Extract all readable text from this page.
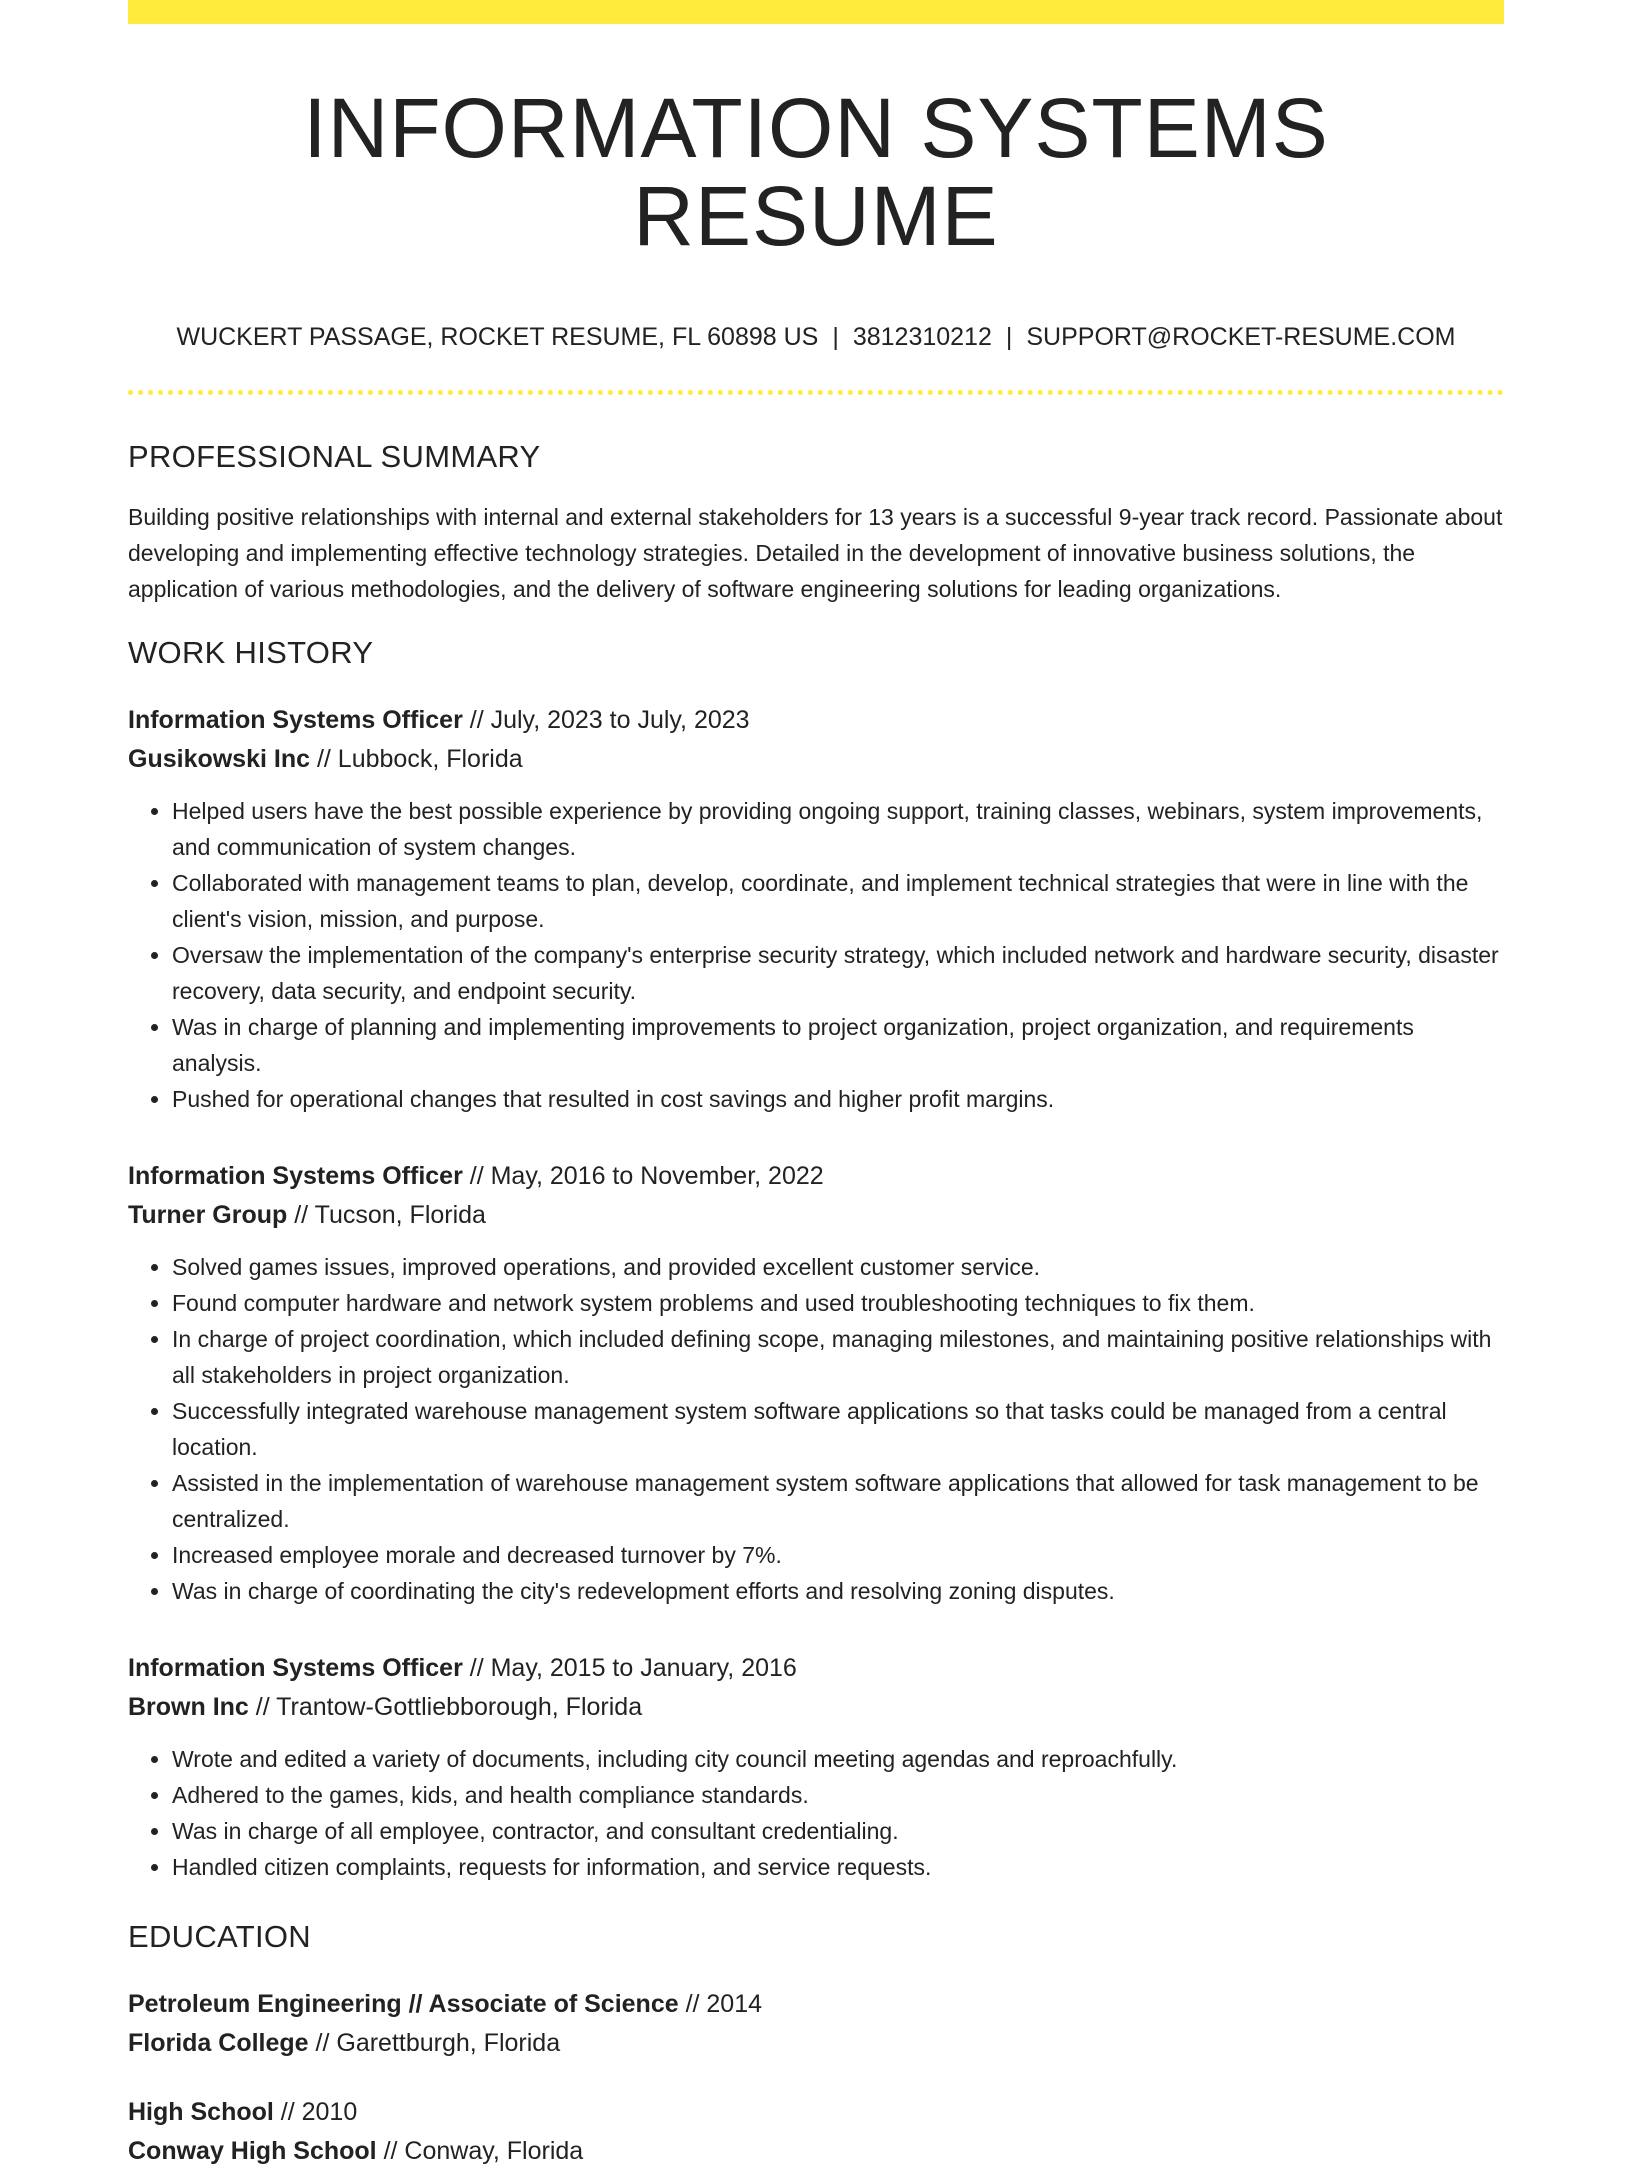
INFORMATION SYSTEMS RESUME
WUCKERT PASSAGE, ROCKET RESUME, FL 60898 US | 3812310212 | SUPPORT@ROCKET-RESUME.COM
PROFESSIONAL SUMMARY

Building positive relationships with internal and external stakeholders for 13 years is a successful 9-year track record. Passionate about developing and implementing effective technology strategies. Detailed in the development of innovative business solutions, the application of various methodologies, and the delivery of software engineering solutions for leading organizations.

WORK HISTORY
Information Systems Officer // July, 2023 to July, 2023
Gusikowski Inc // Lubbock, Florida
• Helped users have the best possible experience by providing ongoing support, training classes, webinars, system improvements, and communication of system changes.
• Collaborated with management teams to plan, develop, coordinate, and implement technical strategies that were in line with the client's vision, mission, and purpose.
• Oversaw the implementation of the company's enterprise security strategy, which included network and hardware security, disaster recovery, data security, and endpoint security.
• Was in charge of planning and implementing improvements to project organization, project organization, and requirements analysis.
• Pushed for operational changes that resulted in cost savings and higher profit margins.
Information Systems Officer // May, 2016 to November, 2022
Turner Group // Tucson, Florida
• Solved games issues, improved operations, and provided excellent customer service.
• Found computer hardware and network system problems and used troubleshooting techniques to fix them.
• In charge of project coordination, which included defining scope, managing milestones, and maintaining positive relationships with all stakeholders in project organization.
• Successfully integrated warehouse management system software applications so that tasks could be managed from a central location.
• Assisted in the implementation of warehouse management system software applications that allowed for task management to be centralized.
• Increased employee morale and decreased turnover by 7%.
• Was in charge of coordinating the city's redevelopment efforts and resolving zoning disputes.
Information Systems Officer // May, 2015 to January, 2016
Brown Inc // Trantow-Gottliebborough, Florida
• Wrote and edited a variety of documents, including city council meeting agendas and reproachfully.
• Adhered to the games, kids, and health compliance standards.
• Was in charge of all employee, contractor, and consultant credentialing.
• Handled citizen complaints, requests for information, and service requests.
EDUCATION
Petroleum Engineering // Associate of Science // 2014
Florida College // Garettburgh, Florida
High School // 2010
Conway High School // Conway, Florida
